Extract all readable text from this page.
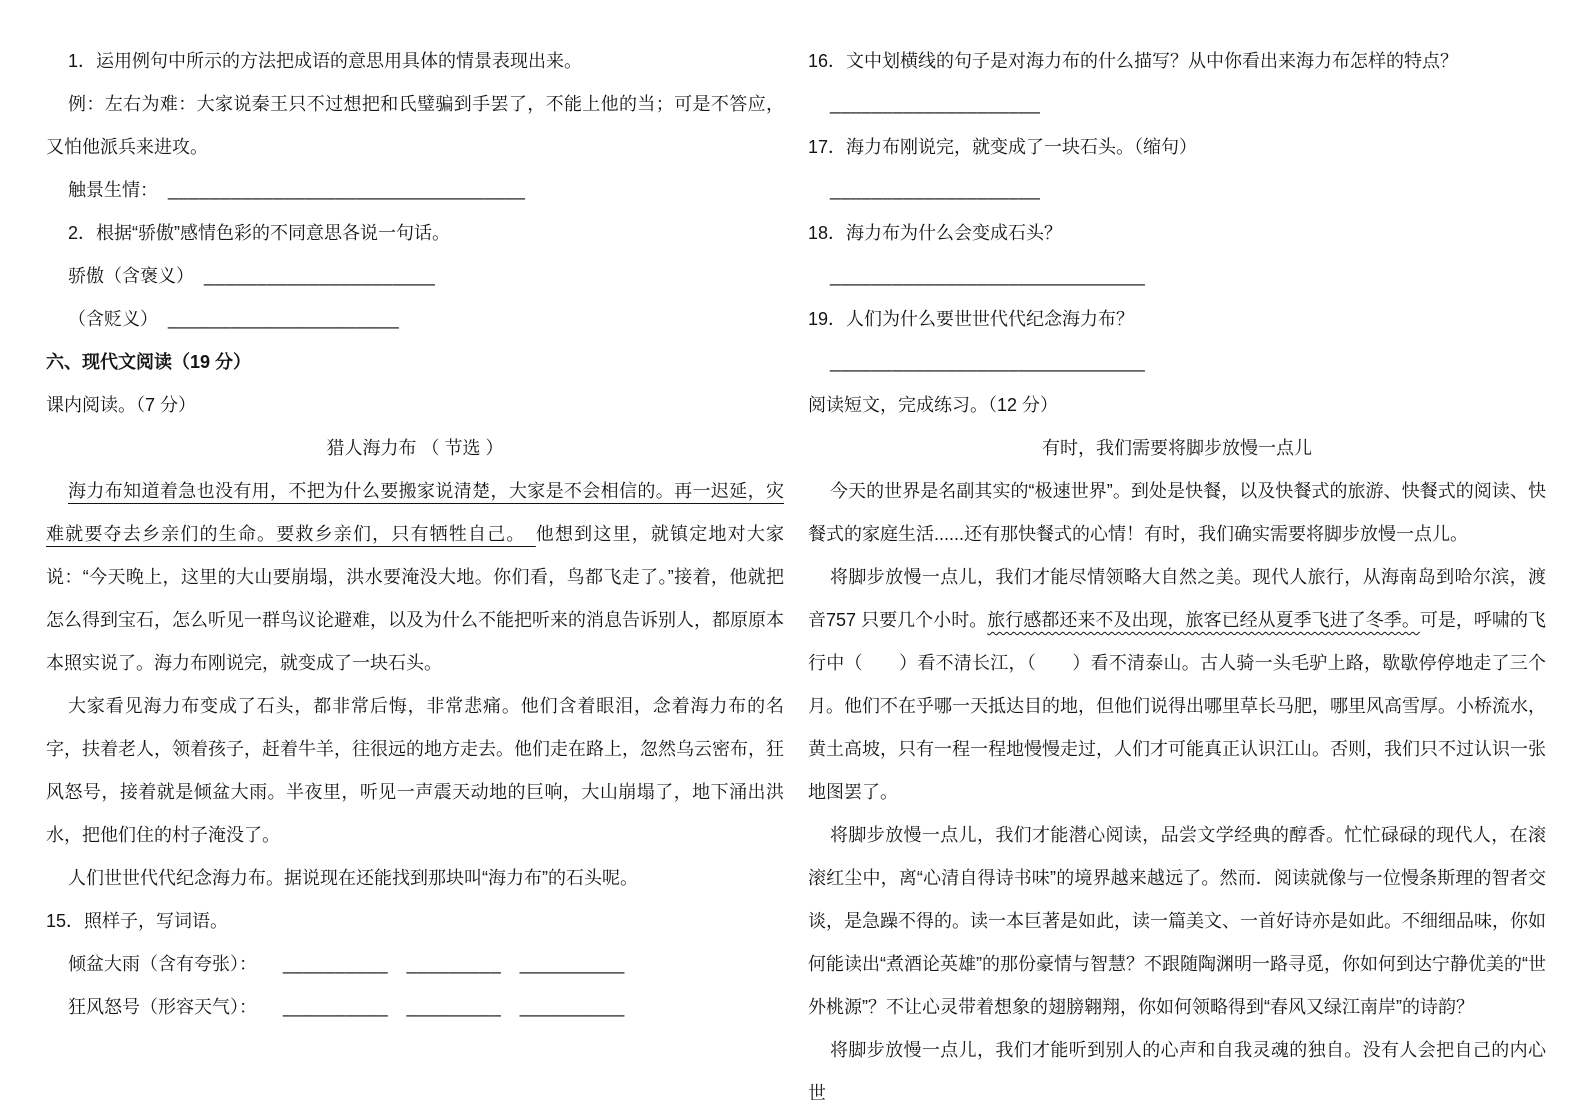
1．运用例句中所示的方法把成语的意思用具体的情景表现出来。

例：左右为难：大家说秦王只不过想把和氏璧骗到手罢了，不能上他的当；可是不答应，又怕他派兵来进攻。

触景生情： __________________________________

2．根据“骄傲”感情色彩的不同意思各说一句话。

骄傲（含褒义） ______________________

（含贬义） ______________________

六、现代文阅读（19 分）

课内阅读。（7 分）

猎人海力布 （ 节选 ）

海力布知道着急也没有用，不把为什么要搬家说清楚，大家是不会相信的。再一迟延，灾难就要夺去乡亲们的生命。要救乡亲们，只有牺牲自己。　他想到这里，就镇定地对大家说：“今天晚上，这里的大山要崩塌，洪水要淹没大地。你们看，鸟都飞走了。”接着，他就把怎么得到宝石，怎么听见一群鸟议论避难，以及为什么不能把听来的消息告诉别人，都原原本本照实说了。海力布刚说完，就变成了一块石头。

大家看见海力布变成了石头，都非常后悔，非常悲痛。他们含着眼泪，念着海力布的名字，扶着老人，领着孩子，赶着牛羊，往很远的地方走去。他们走在路上，忽然乌云密布，狂风怒号，接着就是倾盆大雨。半夜里，听见一声震天动地的巨响，大山崩塌了，地下涌出洪水，把他们住的村子淹没了。

人们世世代代纪念海力布。据说现在还能找到那块叫“海力布”的石头呢。

15．照样子，写词语。

倾盆大雨（含有夸张）： __________　_________　__________

狂风怒号（形容天气）： __________　_________　__________

16．文中划横线的句子是对海力布的什么描写？从中你看出来海力布怎样的特点？

____________________

17．海力布刚说完，就变成了一块石头。（缩句）

____________________

18．海力布为什么会变成石头？

______________________________

19．人们为什么要世世代代纪念海力布？

______________________________

阅读短文，完成练习。（12 分）

有时，我们需要将脚步放慢一点儿

今天的世界是名副其实的“极速世界”。到处是快餐，以及快餐式的旅游、快餐式的阅读、快餐式的家庭生活......还有那快餐式的心情！有时，我们确实需要将脚步放慢一点儿。

将脚步放慢一点儿，我们才能尽情领略大自然之美。现代人旅行，从海南岛到哈尔滨，渡音757 只要几个小时。旅行感都还来不及出现，旅客已经从夏季飞进了冬季。可是，呼啸的飞行中（　　）看不清长江，（　　）看不清泰山。古人骑一头毛驴上路，歇歇停停地走了三个月。他们不在乎哪一天抵达目的地，但他们说得出哪里草长马肥，哪里风高雪厚。小桥流水，黄土高坡，只有一程一程地慢慢走过，人们才可能真正认识江山。否则，我们只不过认识一张地图罢了。

将脚步放慢一点儿，我们才能潜心阅读，品尝文学经典的醇香。忙忙碌碌的现代人，在滚滚红尘中，离“心清自得诗书味”的境界越来越远了。然而．阅读就像与一位慢条斯理的智者交谈，是急躁不得的。读一本巨著是如此，读一篇美文、一首好诗亦是如此。不细细品味，你如何能读出“煮酒论英雄”的那份豪情与智慧？不跟随陶渊明一路寻觅，你如何到达宁静优美的“世外桃源”？不让心灵带着想象的翅膀翱翔，你如何领略得到“春风又绿江南岸”的诗韵？

将脚步放慢一点儿，我们才能听到别人的心声和自我灵魂的独自。没有人会把自己的内心世
